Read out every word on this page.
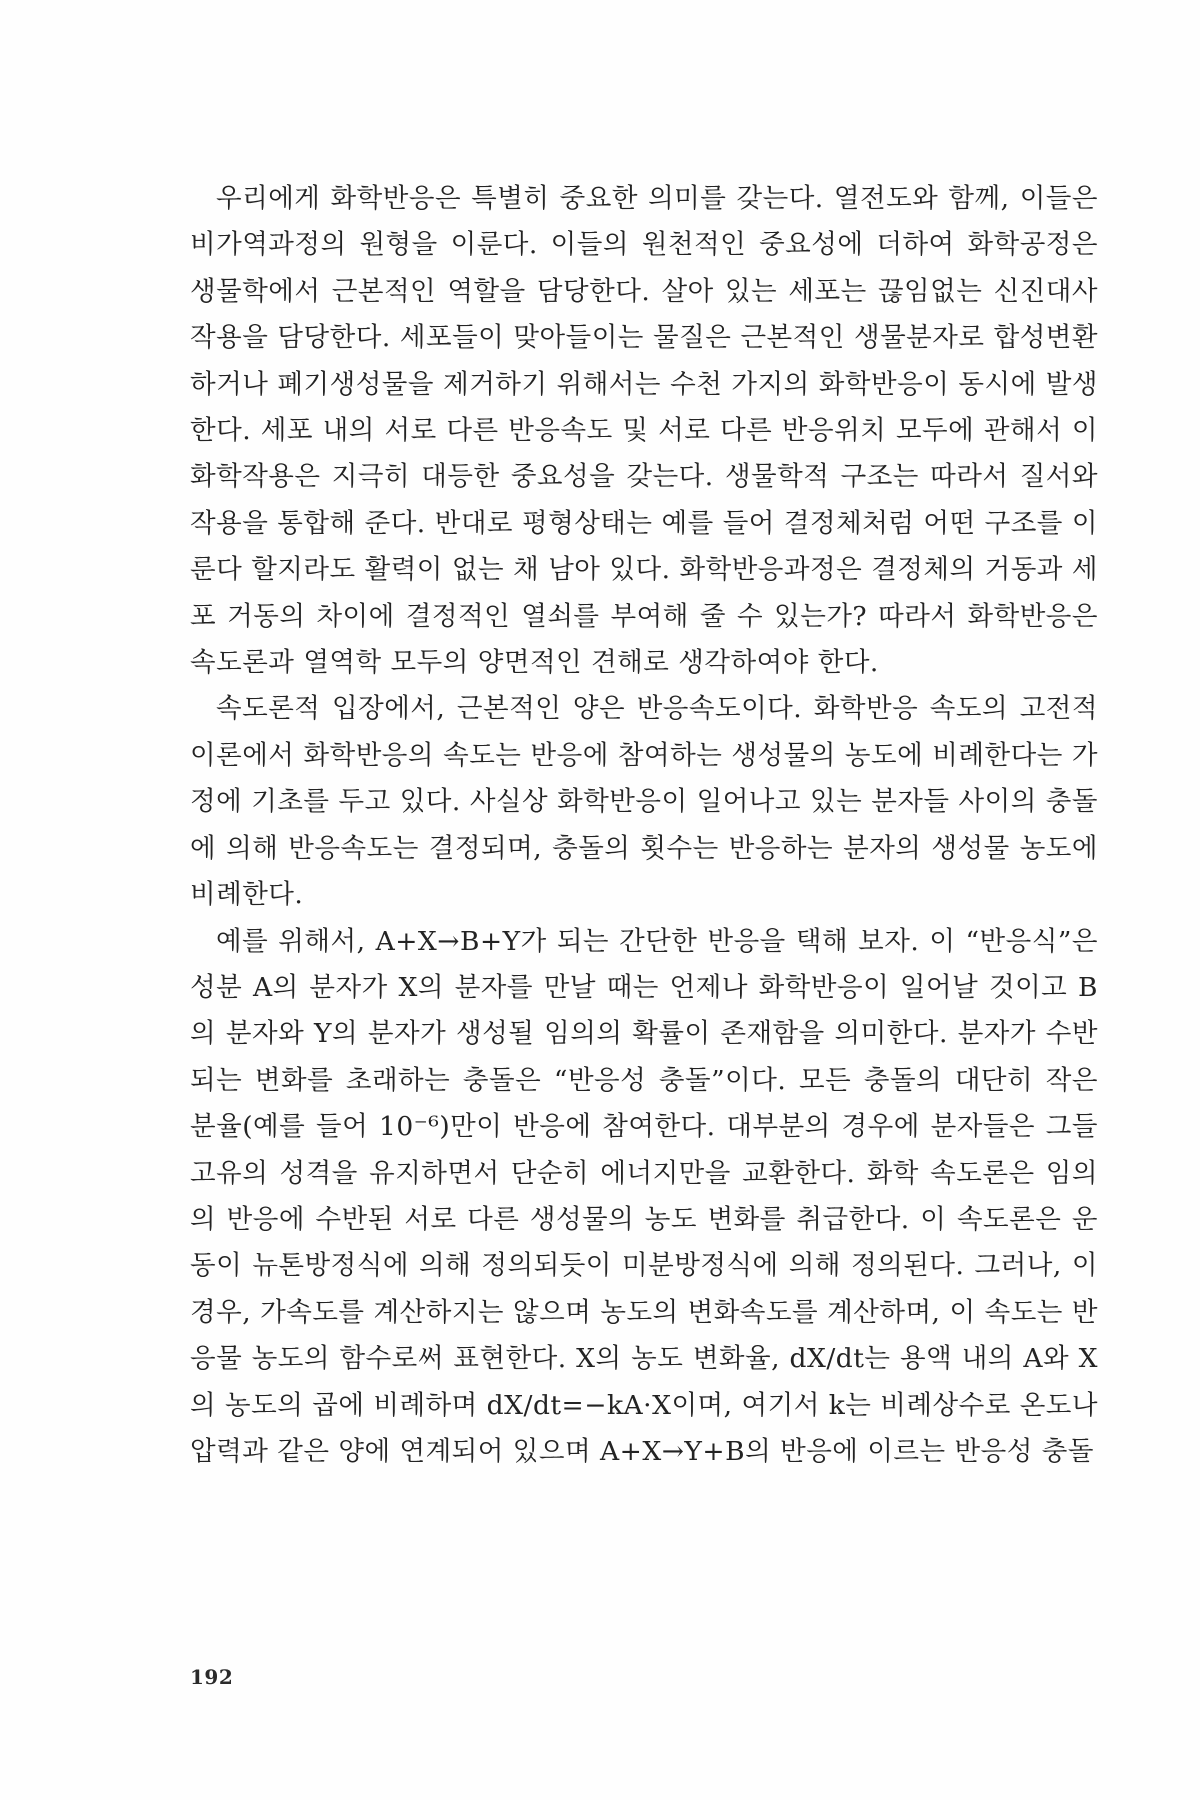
우리에게 화학반응은 특별히 중요한 의미를 갖는다. 열전도와 함께, 이들은 비가역과정의 원형을 이룬다. 이들의 원천적인 중요성에 더하여 화학공정은 생물학에서 근본적인 역할을 담당한다. 살아 있는 세포는 끊임없는 신진대사 작용을 담당한다. 세포들이 맞아들이는 물질은 근본적인 생물분자로 합성변환하거나 폐기생성물을 제거하기 위해서는 수천 가지의 화학반응이 동시에 발생한다. 세포 내의 서로 다른 반응속도 및 서로 다른 반응위치 모두에 관해서 이 화학작용은 지극히 대등한 중요성을 갖는다. 생물학적 구조는 따라서 질서와 작용을 통합해 준다. 반대로 평형상태는 예를 들어 결정체처럼 어떤 구조를 이룬다 할지라도 활력이 없는 채 남아 있다. 화학반응과정은 결정체의 거동과 세포 거동의 차이에 결정적인 열쇠를 부여해 줄 수 있는가? 따라서 화학반응은 속도론과 열역학 모두의 양면적인 견해로 생각하여야 한다.

속도론적 입장에서, 근본적인 양은 반응속도이다. 화학반응 속도의 고전적 이론에서 화학반응의 속도는 반응에 참여하는 생성물의 농도에 비례한다는 가정에 기초를 두고 있다. 사실상 화학반응이 일어나고 있는 분자들 사이의 충돌에 의해 반응속도는 결정되며, 충돌의 횟수는 반응하는 분자의 생성물 농도에 비례한다.

예를 위해서, A+X→B+Y가 되는 간단한 반응을 택해 보자. 이 “반응식”은 성분 A의 분자가 X의 분자를 만날 때는 언제나 화학반응이 일어날 것이고 B의 분자와 Y의 분자가 생성될 임의의 확률이 존재함을 의미한다. 분자가 수반되는 변화를 초래하는 충돌은 “반응성 충돌”이다. 모든 충돌의 대단히 작은 분율(예를 들어 10⁻⁶)만이 반응에 참여한다. 대부분의 경우에 분자들은 그들 고유의 성격을 유지하면서 단순히 에너지만을 교환한다. 화학 속도론은 임의의 반응에 수반된 서로 다른 생성물의 농도 변화를 취급한다. 이 속도론은 운동이 뉴톤방정식에 의해 정의되듯이 미분방정식에 의해 정의된다. 그러나, 이 경우, 가속도를 계산하지는 않으며 농도의 변화속도를 계산하며, 이 속도는 반응물 농도의 함수로써 표현한다. X의 농도 변화율, dX/dt는 용액 내의 A와 X의 농도의 곱에 비례하며 dX/dt=−kA·X이며, 여기서 k는 비례상수로 온도나 압력과 같은 양에 연계되어 있으며 A+X→Y+B의 반응에 이르는 반응성 충돌

192
